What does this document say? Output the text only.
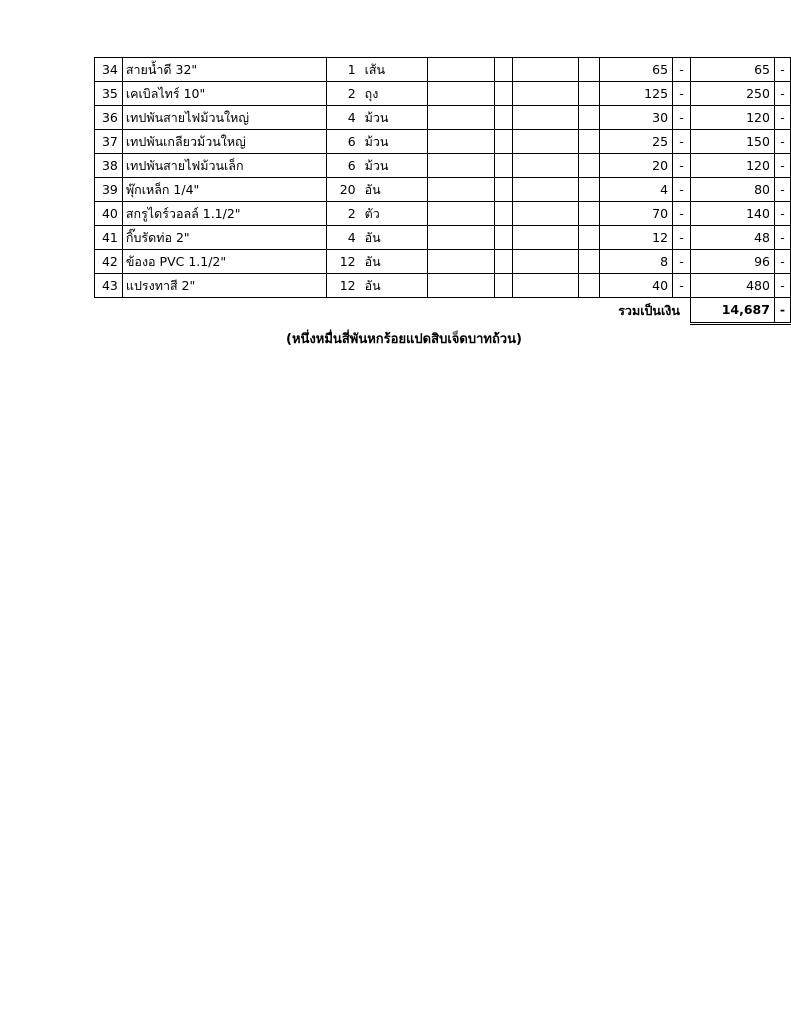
34	สายน้ำดี 32"	1	เส้น					65	-	65	-
35	เคเบิลไทร์ 10"	2	ถุง					125	-	250	-
36	เทปพันสายไฟม้วนใหญ่	4	ม้วน					30	-	120	-
37	เทปพันเกลียวม้วนใหญ่	6	ม้วน					25	-	150	-
38	เทปพันสายไฟม้วนเล็ก	6	ม้วน					20	-	120	-
39	พุ๊กเหล็ก 1/4"	20	อัน					4	-	80	-
40	สกรูไดร์วอลล์ 1.1/2"	2	ตัว					70	-	140	-
41	กิ๊บรัดท่อ 2"	4	อัน					12	-	48	-
42	ข้องอ PVC 1.1/2"	12	อัน					8	-	96	-
43	แปรงทาสี 2"	12	อัน					40	-	480	-
รวมเป็นเงิน										14,687	-
(หนึ่งหมื่นสี่พันหกร้อยแปดสิบเจ็ดบาทถ้วน)
